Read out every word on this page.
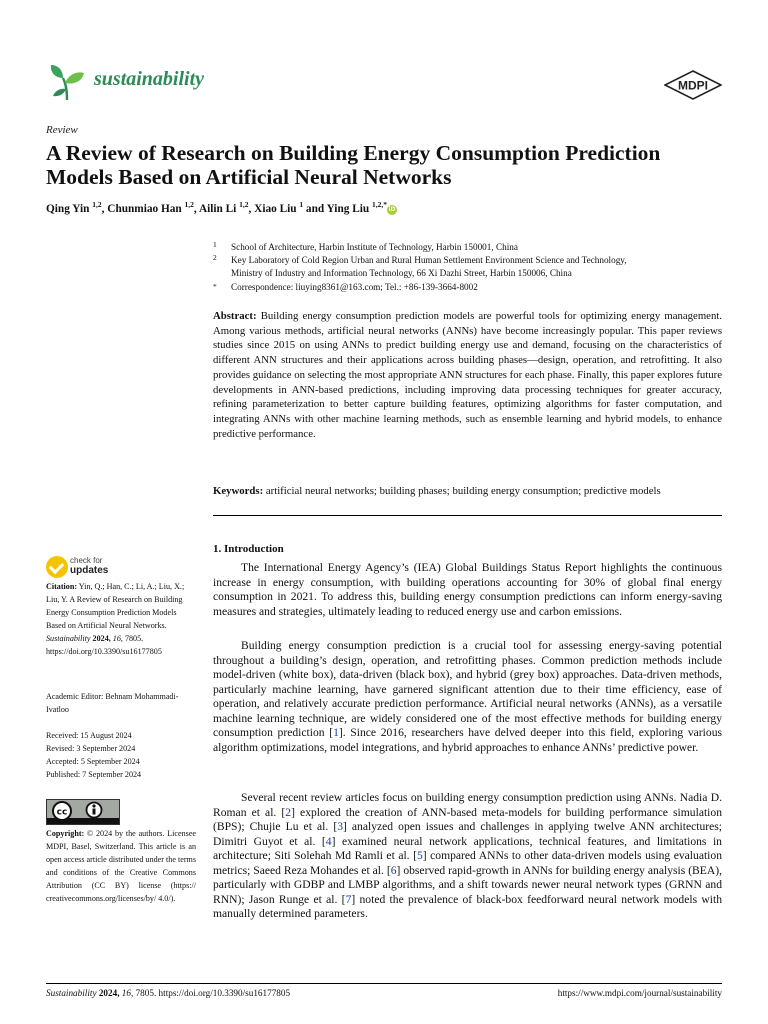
sustainability	MDPI
Review
A Review of Research on Building Energy Consumption Prediction Models Based on Artificial Neural Networks
Qing Yin $^{1,2}$, Chunmiao Han $^{1,2}$, Ailin Li $^{1,2}$, Xiao Liu $^1$ and Ying Liu $^{1,2,*}$iD
1 School of Architecture, Harbin Institute of Technology, Harbin 150001, China
2 Key Laboratory of Cold Region Urban and Rural Human Settlement Environment Science and Technology,
Ministry of Industry and Information Technology, 66 Xi Dazhi Street, Harbin 150006, China
* Correspondence: liuying8361@163.com; Tel.: +86-139-3664-8002
Abstract: Building energy consumption prediction models are powerful tools for optimizing energy management. Among various methods, artificial neural networks (ANNs) have become increasingly popular. This paper reviews studies since 2015 on using ANNs to predict building energy use and demand, focusing on the characteristics of different ANN structures and their applications across building phases—design, operation, and retrofitting. It also provides guidance on selecting the most appropriate ANN structures for each phase. Finally, this paper explores future developments in ANN-based predictions, including improving data processing techniques for greater accuracy, refining parameterization to better capture building features, optimizing algorithms for faster computation, and integrating ANNs with other machine learning methods, such as ensemble learning and hybrid models, to enhance predictive performance.
Keywords: artificial neural networks; building phases; building energy consumption; predictive models
check for
updates
Citation: Yin, Q.; Han, C.; Li, A.; Liu, X.; Liu, Y. A Review of Research on Building Energy Consumption Prediction Models Based on Artificial Neural Networks. Sustainability 2024, 16, 7805. https://doi.org/10.3390/su16177805
Academic Editor: Behnam Mohammadi-Ivatloo
Received: 15 August 2024
Revised: 3 September 2024
Accepted: 5 September 2024
Published: 7 September 2024
cc
Copyright: © 2024 by the authors. Licensee MDPI, Basel, Switzerland. This article is an open access article distributed under the terms and conditions of the Creative Commons Attribution (CC BY) license (https:// creativecommons.org/licenses/by/ 4.0/).
1. Introduction
The International Energy Agency’s (IEA) Global Buildings Status Report highlights the continuous increase in energy consumption, with building operations accounting for 30% of global final energy consumption in 2021. To address this, building energy consumption predictions can inform energy-saving measures and strategies, ultimately leading to reduced energy use and carbon emissions.
Building energy consumption prediction is a crucial tool for assessing energy-saving potential throughout a building’s design, operation, and retrofitting phases. Common prediction methods include model-driven (white box), data-driven (black box), and hybrid (grey box) approaches. Data-driven methods, particularly machine learning, have garnered significant attention due to their time efficiency, ease of operation, and relatively accurate prediction performance. Artificial neural networks (ANNs), as a versatile machine learning technique, are widely considered one of the most effective methods for building energy consumption prediction [1]. Since 2016, researchers have delved deeper into this field, exploring various algorithm optimizations, model integrations, and hybrid approaches to enhance ANNs’ predictive power.
Several recent review articles focus on building energy consumption prediction using ANNs. Nadia D. Roman et al. [2] explored the creation of ANN-based meta-models for building performance simulation (BPS); Chujie Lu et al. [3] analyzed open issues and challenges in applying twelve ANN architectures; Dimitri Guyot et al. [4] examined neural network applications, technical features, and limitations in architecture; Siti Solehah Md Ramli et al. [5] compared ANNs to other data-driven models using evaluation metrics; Saeed Reza Mohandes et al. [6] observed rapid-growth in ANNs for building energy analysis (BEA), particularly with GDBP and LMBP algorithms, and a shift towards newer neural network types (GRNN and RNN); Jason Runge et al. [7] noted the prevalence of black-box feedforward neural network models with manually determined parameters.
Sustainability 2024, 16, 7805. https://doi.org/10.3390/su16177805	https://www.mdpi.com/journal/sustainability
